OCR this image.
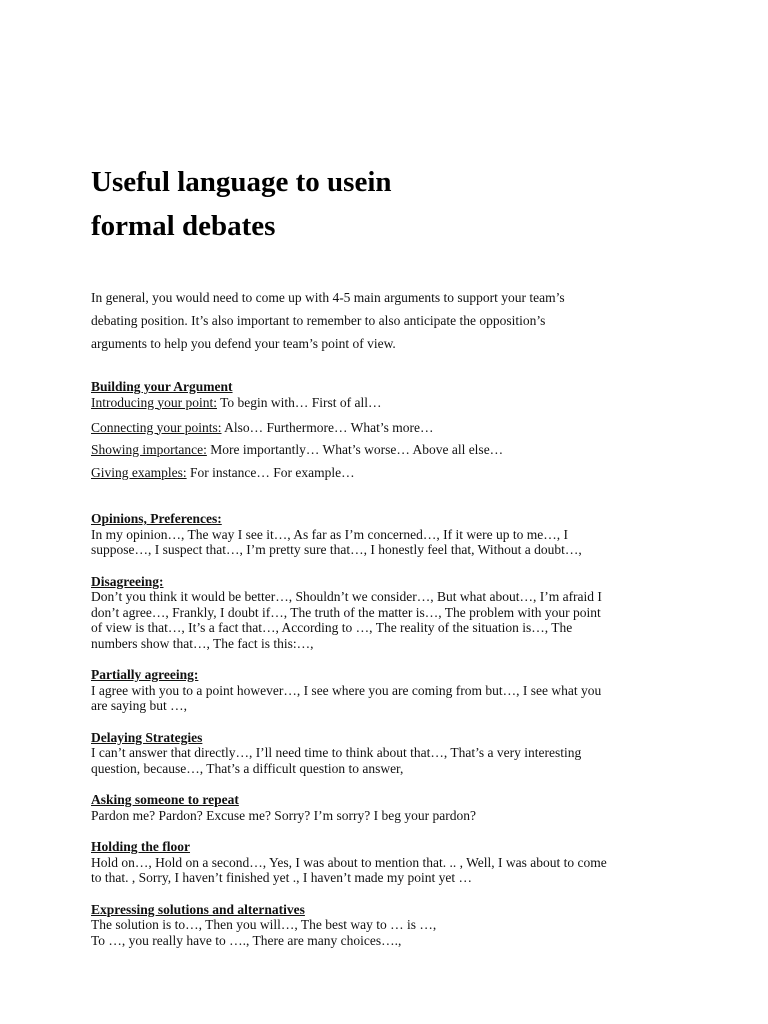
Useful language to usein
formal debates
In general, you would need to come up with 4-5 main arguments to support your team’s
debating position. It’s also important to remember to also anticipate the opposition’s
arguments to help you defend your team’s point of view.
Building your Argument
Introducing your point: To begin with… First of all…
Connecting your points: Also… Furthermore… What’s more…
Showing importance: More importantly… What’s worse… Above all else…
Giving examples: For instance… For example…
Opinions, Preferences:
In my opinion…, The way I see it…, As far as I’m concerned…, If it were up to me…, I
suppose…, I suspect that…, I’m pretty sure that…, I honestly feel that, Without a doubt…,
Disagreeing:
Don’t you think it would be better…, Shouldn’t we consider…, But what about…, I’m afraid I
don’t agree…, Frankly, I doubt if…, The truth of the matter is…, The problem with your point
of view is that…, It’s a fact that…, According to …, The reality of the situation is…, The
numbers show that…, The fact is this:…,
Partially agreeing:
I agree with you to a point however…, I see where you are coming from but…, I see what you
are saying but …,
Delaying Strategies
I can’t answer that directly…, I’ll need time to think about that…, That’s a very interesting
question, because…, That’s a difficult question to answer,
Asking someone to repeat
Pardon me? Pardon? Excuse me? Sorry? I’m sorry? I beg your pardon?
Holding the floor
Hold on…, Hold on a second…, Yes, I was about to mention that. .. , Well, I was about to come
to that. , Sorry, I haven’t finished yet ., I haven’t made my point yet …
Expressing solutions and alternatives
The solution is to…, Then you will…, The best way to … is …,
To …, you really have to …., There are many choices….,
